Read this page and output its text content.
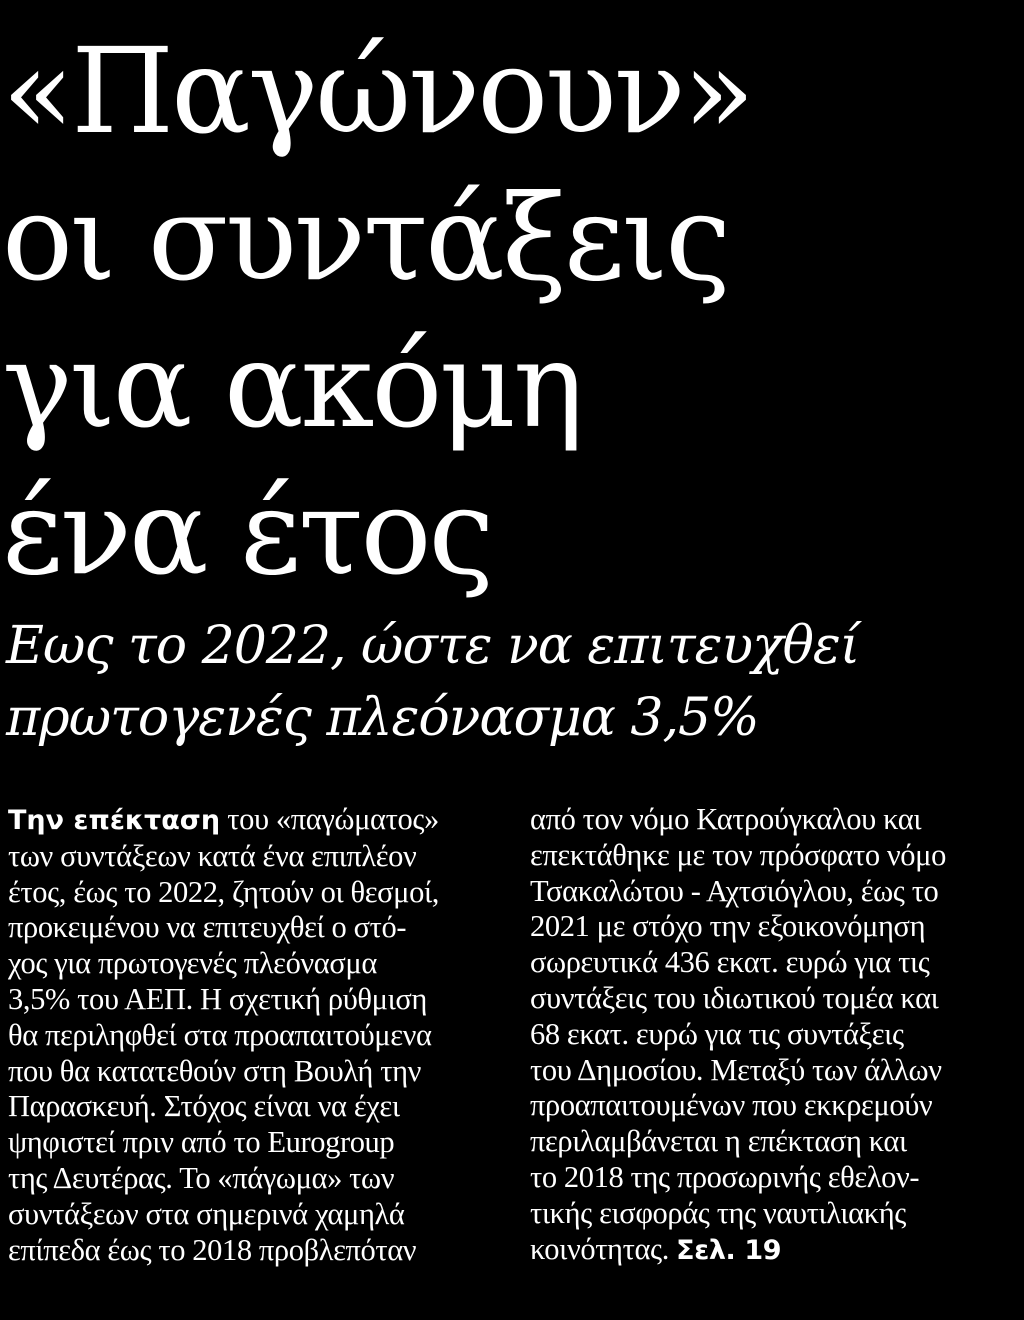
«Παγώνουν»
οι συντάξεις
για ακόμη
ένα έτος
Εως το 2022, ώστε να επιτευχθεί
πρωτογενές πλεόνασμα 3,5%
Την επέκταση του «παγώματος»
των συντάξεων κατά ένα επιπλέον
έτος, έως το 2022, ζητούν οι θεσμοί,
προκειμένου να επιτευχθεί ο στό-
χος για πρωτογενές πλεόνασμα
3,5% του ΑΕΠ. Η σχετική ρύθμιση
θα περιληφθεί στα προαπαιτούμενα
που θα κατατεθούν στη Βουλή την
Παρασκευή. Στόχος είναι να έχει
ψηφιστεί πριν από το Eurogroup
της Δευτέρας. Το «πάγωμα» των
συντάξεων στα σημερινά χαμηλά
επίπεδα έως το 2018 προβλεπόταν
από τον νόμο Κατρούγκαλου και
επεκτάθηκε με τον πρόσφατο νόμο
Τσακαλώτου - Αχτσιόγλου, έως το
2021 με στόχο την εξοικονόμηση
σωρευτικά 436 εκατ. ευρώ για τις
συντάξεις του ιδιωτικού τομέα και
68 εκατ. ευρώ για τις συντάξεις
του Δημοσίου. Μεταξύ των άλλων
προαπαιτουμένων που εκκρεμούν
περιλαμβάνεται η επέκταση και
το 2018 της προσωρινής εθελον-
τικής εισφοράς της ναυτιλιακής
κοινότητας. Σελ. 19
